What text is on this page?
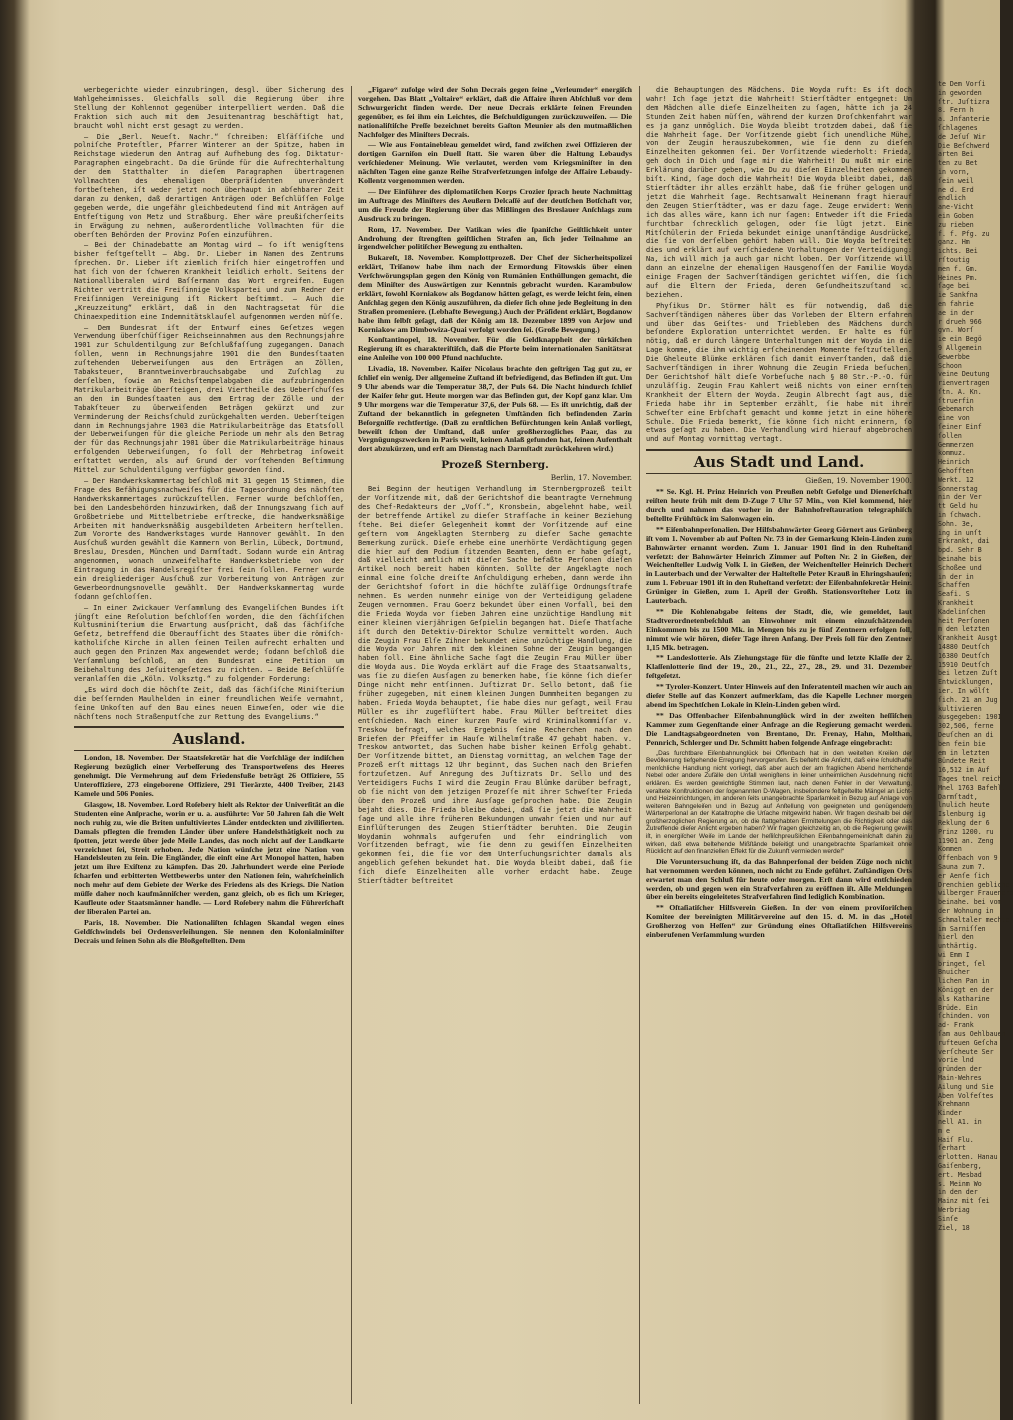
werbegerichte wieder einzubringen, desgl. über Sicherung des Wahlgeheimnisses. Gleichfalls soll die Regierung über ihre Stellung der Kohlennot gegenüber interpelliert werden. Daß die Fraktion sich auch mit dem Jesuitenantrag beschäftigt hat, braucht wohl nicht erst gesagt zu werden.

— Die „Berl. Neueſt. Nachr.“ ſchreiben: Elſäſſiſche und polniſche Proteſtler, Pfarrer Winterer an der Spitze, haben im Reichstage wiederum den Antrag auf Aufhebung des ſog. Diktatur-Paragraphen eingebracht. Da die Gründe für die Aufrechterhaltung der dem Statthalter in dieſem Paragraphen übertragenen Vollmachten des ehemaligen Oberpräſidenten unverändert fortbeſtehen, iſt weder jetzt noch überhaupt in abſehbarer Zeit daran zu denken, daß derartigen Anträgen oder Beſchlüſſen Folge gegeben werde, die ungefähr gleichbedeutend ſind mit Anträgen auf Entfeſtigung von Metz und Straßburg. Eher wäre preußiſcherſeits in Erwägung zu nehmen, außerordentliche Vollmachten für die oberſten Behörden der Provinz Poſen einzuführen.

— Bei der Chinadebatte am Montag wird — ſo iſt wenigſtens bisher feſtgeſtellt — Abg. Dr. Lieber im Namen des Zentrums ſprechen. Dr. Lieber iſt ziemlich friſch hier eingetroffen und hat ſich von der ſchweren Krankheit leidlich erholt. Seitens der Nationalliberalen wird Baſſermann das Wort ergreifen. Eugen Richter vertritt die Freiſinnige Volkspartei und zum Redner der Freiſinnigen Vereinigung iſt Rickert beſtimmt. — Auch die „Kreuzzeitung“ erklärt, daß in den Nachtragsetat für die Chinaexpedition eine Indemnitätsklauſel aufgenommen werden müſſe.

— Dem Bundesrat iſt der Entwurf eines Geſetzes wegen Verwendung überſchüſſiger Reichseinnahmen aus dem Rechnungsjahre 1901 zur Schuldentilgung zur Beſchlußfaſſung zugegangen. Danach ſollen, wenn im Rechnungsjahre 1901 die den Bundesſtaaten zuſtehenden Ueberweiſungen aus den Erträgen an Zöllen, Tabaksteuer, Branntweinverbrauchsabgabe und Zuſchlag zu derſelben, ſowie an Reichsſtempelabgaben die aufzubringenden Matrikularbeiträge überſteigen, drei Viertheile des Ueberſchuſſes an den im Bundesſtaaten aus dem Ertrag der Zölle und der Tabakſteuer zu überweiſenden Beträgen gekürzt und zur Verminderung der Reichsſchuld zurückgehalten werden. Ueberſteigen dann im Rechnungsjahre 1903 die Matrikularbeiträge das Etatsſoll der Ueberweiſungen für die gleiche Periode um mehr als den Betrag der für das Rechnungsjahr 1901 über die Matrikularbeiträge hinaus erfolgenden Ueberweiſungen, ſo ſoll der Mehrbetrag inſoweit erſtattet werden, als auf Grund der vorſtehenden Beſtimmung Mittel zur Schuldentilgung verfügbar geworden ſind.

— Der Handwerkskammertag beſchloß mit 31 gegen 15 Stimmen, die Frage des Befähigungsnachweiſes für die Tagesordnung des nächſten Handwerkskammertages zurückzuſtellen. Ferner wurde beſchloſſen, bei den Landesbehörden hinzuwirken, daß der Innungszwang ſich auf Großbetriebe und Mittelbetriebe erſtrecke, die handwerksmäßige Arbeiten mit handwerksmäßig ausgebildeten Arbeitern herſtellen. Zum Vororte des Handwerkstages wurde Hannover gewählt. In den Ausſchuß wurden gewählt die Kammern von Berlin, Lübeck, Dortmund, Breslau, Dresden, München und Darmſtadt. Sodann wurde ein Antrag angenommen, wonach unzweifelhafte Handwerksbetriebe von der Eintragung in das Handelsregiſter frei ſein ſollen. Ferner wurde ein dreigliederiger Ausſchuß zur Vorbereitung von Anträgen zur Gewerbeordnungsnovelle gewählt. Der Handwerkskammertag wurde ſodann geſchloſſen.

— In einer Zwickauer Verſammlung des Evangeliſchen Bundes iſt jüngſt eine Reſolution beſchloſſen worden, die den ſächſiſchen Kultusminiſterium die Erwartung ausſpricht, daß das ſächſiſche Geſetz, betreffend die Oberaufſicht des Staates über die römiſch-katholiſche Kirche in allen ſeinen Teilen aufrecht erhalten und auch gegen den Prinzen Max angewendet werde; ſodann beſchloß die Verſammlung beſchloß, an den Bundesrat eine Petition um Beibehaltung des Jeſuitengeſetzes zu richten. — Beide Beſchlüſſe veranlaſſen die „Köln. Volksztg.“ zu folgender Forderung:

„Es wird doch die höchſte Zeit, daß das ſächſiſche Miniſterium die beſſernden Maulhelden in einer freundlichen Weiſe vermahnt, ſeine Unkoſten auf den Bau eines neuen Einweſen, oder wie die nächſtens noch Straßenputſche zur Rettung des Evangeliums.“

Ausland.

London, 18. November. Der Staatsſekretär hat die Vorſchläge der indiſchen Regierung bezüglich einer Verbeſſerung des Transportweſens des Heeres genehmigt. Die Vermehrung auf dem Friedensfuße beträgt 26 Offiziere, 55 Unteroffiziere, 273 eingeborene Offiziere, 291 Tierärzte, 4400 Treiber, 2143 Kamele und 506 Ponies.

Glasgow, 18. November. Lord Roſebery hielt als Rektor der Univerſität an die Studenten eine Anſprache, worin er u. a. ausführte: Vor 50 Jahren ſah die Welt noch ruhig zu, wie die Briten unfultiviertes Länder entdeckten und ziviliſierten. Damals pflegten die fremden Länder über unſere Handelsthätigkeit noch zu ſpotten, jetzt werde über jede Meile Landes, das noch nicht auf der Landkarte verzeichnet ſei, Streit erhoben. Jede Nation wünſche jetzt eine Nation von Handelsleuten zu ſein. Die Engländer, die einſt eine Art Monopol hatten, haben jetzt um ihre Exiſtenz zu kämpfen. Das 20. Jahrhundert werde eine Periode ſcharfen und erbitterten Wettbewerbs unter den Nationen ſein, wahrſcheinlich noch mehr auf dem Gebiete der Werke des Friedens als des Kriegs. Die Nation müſſe daher noch kaufmänniſcher werden, ganz gleich, ob es ſich um Krieger, Kaufleute oder Staatsmänner handle. — Lord Roſebery nahm die Führerſchaft der liberalen Partei an.

Paris, 18. November. Die Nationaliſten ſchlagen Skandal wegen eines Geldſchwindels bei Ordensverleihungen. Sie nennen den Kolonialminiſter Decrais und ſeinen Sohn als die Bloßgeſtellten. Dem

„Figaro“ zufolge wird der Sohn Decrais gegen ſeine „Verleumder“ energiſch vorgehen. Das Blatt „Voltaire“ erklärt, daß die Affaire ihren Abſchluß vor dem Schwurgericht finden werde. Der neue Decrais erklärte ſeinen Freunden gegenüber, es ſei ihm ein Leichtes, die Beſchuldigungen zurückzuweiſen. — Die nationaliſtiſche Preſſe bezeichnet bereits Gaſton Meunier als den mutmaßlichen Nachfolger des Miniſters Decrais.

— Wie aus Fontainebleau gemeldet wird, fand zwiſchen zwei Offizieren der dortigen Garniſon ein Duell ſtatt. Sie waren über die Haltung Lebaudys verſchiedener Meinung. Wie verlautet, werden vom Kriegsminiſter in den nächſten Tagen eine ganze Reihe Strafverſetzungen infolge der Affaire Lebaudy-Kollentz vorgenommen werden.

— Der Einführer des diplomatiſchen Korps Crozier ſprach heute Nachmittag im Auftrage des Miniſters des Aeußern Delcaſſé auf der deutſchen Botſchaft vor, um die Freude der Regierung über das Mißlingen des Breslauer Anſchlags zum Ausdruck zu bringen.

Rom, 17. November. Der Vatikan wies die ſpaniſche Geiſtlichkeit unter Androhung der ſtrengſten geiſtlichen Strafen an, ſich jeder Teilnahme an irgendwelcher politiſcher Bewegung zu enthalten.

Bukareſt, 18. November. Komplottprozeß. Der Chef der Sicherheitspolizei erklärt, Triſanow habe ihm nach der Ermordung Fitowskis über einen Verſchwörungsplan gegen den König von Rumänien Enthüllungen gemacht, die dem Miniſter des Auswärtigen zur Kenntnis gebracht wurden. Karambulow erklärt, ſowohl Korniakow als Bogdanow hätten geſagt, es werde leicht ſein, einen Anſchlag gegen den König auszuführen, da dieſer ſich ohne jede Begleitung in den Straßen promeniere. (Lebhafte Bewegung.) Auch der Präſident erklärt, Bogdanow habe ihm ſelbſt geſagt, daß der König am 18. Dezember 1899 von Arjow und Korniakow am Dimbowiza-Quai verfolgt worden ſei. (Große Bewegung.)

Konſtantinopel, 18. November. Für die Geldknappheit der türkiſchen Regierung iſt es charakteriſtiſch, daß die Pforte beim internationalen Sanitätsrat eine Anleihe von 100 000 Pfund nachſuchte.

Livadia, 18. November. Kaiſer Nicolaus brachte den geſtrigen Tag gut zu, er ſchlief ein wenig. Der allgemeine Zuſtand iſt befriedigend, das Befinden iſt gut. Um 9 Uhr abends war die Temperatur 38,7, der Puls 64. Die Nacht hindurch ſchlief der Kaiſer ſehr gut. Heute morgen war das Befinden gut, der Kopf ganz klar. Um 9 Uhr morgens war die Temperatur 37,6, der Puls 68. — Es iſt unrichtig, daß der Zuſtand der bekanntlich in geſegneten Umſtänden ſich befindenden Zarin Beſorgniſſe rechtfertige. (Daß zu ernſtlichen Befürchtungen kein Anlaß vorliegt, beweiſt ſchon der Umſtand, daß unſer großherzogliches Paar, das zu Vergnügungszwecken in Paris weilt, keinen Anlaß gefunden hat, ſeinen Aufenthalt dort abzukürzen, und erſt am Dienstag nach Darmſtadt zurückkehren wird.)

Prozeß Sternberg.
Berlin, 17. November.

Bei Beginn der heutigen Verhandlung im Sternbergprozeß teilt der Vorſitzende mit, daß der Gerichtshof die beantragte Vernehmung des Chef-Redakteurs der „Voſſ.“, Kronsbein, abgelehnt habe, weil der betreffende Artikel zu dieſer Strafſache in keiner Beziehung ſtehe. Bei dieſer Gelegenheit kommt der Vorſitzende auf eine geſtern vom Angeklagten Sternberg zu dieſer Sache gemachte Bemerkung zurück. Dieſe erhebe eine unerhörte Verdächtigung gegen die hier auf dem Podium ſitzenden Beamten, denn er habe geſagt, daß vielleicht amtlich mit dieſer Sache befaßte Perſonen dieſen Artikel noch bereit haben könnten. Sollte der Angeklagte noch einmal eine ſolche dreiſte Anſchuldigung erheben, dann werde ihn der Gerichtshof ſofort in die höchſte zuläſſige Ordnungsſtrafe nehmen. Es werden nunmehr einige von der Verteidigung geladene Zeugen vernommen. Frau Goerz bekundet über einen Vorfall, bei dem die Frieda Woyda vor ſieben Jahren eine unzüchtige Handlung mit einer kleinen vierjährigen Geſpielin begangen hat. Dieſe Thatſache iſt durch den Detektiv-Direktor Schulze vermittelt worden. Auch die Zeugin Frau Elſe Zihner bekundet eine unzüchtige Handlung, die die Woyda vor Jahren mit dem kleinen Sohne der Zeugin begangen haben ſoll. Eine ähnliche Sache ſagt die Zeugin Frau Müller über die Woyda aus. Die Woyda erklärt auf die Frage des Staatsanwalts, was ſie zu dieſen Ausſagen zu bemerken habe, ſie könne ſich dieſer Dinge nicht mehr entſinnen. Juſtizrat Dr. Sello betont, daß ſie früher zugegeben, mit einem kleinen Jungen Dummheiten begangen zu haben. Frieda Woyda behauptet, ſie habe dies nur geſagt, weil Frau Müller es ihr zugeflüſtert habe. Frau Müller beſtreitet dies entſchieden. Nach einer kurzen Pauſe wird Kriminalkommiſſar v. Treskow befragt, welches Ergebnis ſeine Recherchen nach den Briefen der Pfeiffer im Hauſe Wilhelmſtraße 47 gehabt haben. v. Treskow antwortet, das Suchen habe bisher keinen Erfolg gehabt. Der Vorſitzende bittet, am Dienstag vormittag, an welchem Tage der Prozeß erſt mittags 12 Uhr beginnt, das Suchen nach den Briefen fortzuſetzen. Auf Anregung des Juſtizrats Dr. Sello und des Verteidigers Fuchs I wird die Zeugin Frau Blümke darüber befragt, ob ſie nicht von dem jetzigen Prozeſſe mit ihrer Schweſter Frieda über den Prozeß und ihre Ausſage geſprochen habe. Die Zeugin bejaht dies. Die Frieda bleibe dabei, daß ſie jetzt die Wahrheit ſage und alle ihre früheren Bekundungen unwahr ſeien und nur auf Einflüſterungen des Zeugen Stierſtädter beruhten. Die Zeugin Woydamin wohnmals aufgerufen und ſehr eindringlich vom Vorſitzenden befragt, wie ſie denn zu gewiſſen Einzelheiten gekommen ſei, die ſie vor dem Unterſuchungsrichter damals als angeblich geſehen bekundet hat. Die Woyda bleibt dabei, daß ſie ſich dieſe Einzelheiten alle vorher erdacht habe. Zeuge Stierſtädter beſtreitet

die Behauptungen des Mädchens. Die Woyda ruft: Es iſt doch wahr! Ich ſage jetzt die Wahrheit! Stierſtädter entgegnet: Um dem Mädchen alle dieſe Einzelheiten zu ſagen, hätte ich ja 24 Stunden Zeit haben müſſen, während der kurzen Droſchkenfahrt war es ja ganz unmöglich. Die Woyda bleibt trotzdem dabei, daß ſie die Wahrheit ſage. Der Vorſitzende giebt ſich unendliche Mühe, von der Zeugin herauszubekommen, wie ſie denn zu dieſen Einzelheiten gekommen ſei. Der Vorſitzende wiederholt: Frieda, geh doch in Dich und ſage mir die Wahrheit! Du mußt mir eine Erklärung darüber geben, wie Du zu dieſen Einzelheiten gekommen biſt. Kind, ſage doch die Wahrheit! Die Woyda bleibt dabei, daß Stierſtädter ihr alles erzählt habe, daß ſie früher gelogen und jetzt die Wahrheit ſage. Rechtsanwalt Heinemann fragt hierauf den Zeugen Stierſtädter, was er dazu ſage. Zeuge erwidert: Wenn ich das alles wäre, kann ich nur ſagen: Entweder iſt die Frieda furchtbar ſchrecklich gelogen, oder ſie lügt jetzt. Eine Mitſchülerin der Frieda bekundet einige unanſtändige Ausdrücke, die ſie von derſelben gehört haben will. Die Woyda beſtreitet dies und erklärt auf verſchiedene Vorhaltungen der Verteidigung: Na, ich will mich ja auch gar nicht loben. Der Vorſitzende will dann an einzelne der ehemaligen Hausgenoſſen der Familie Woyda einige Fragen der Sachverſtändigen gerichtet wiſſen, die ſich auf die Eltern der Frieda, deren Geſundheitszuſtand ꝛc. beziehen.

Phyſikus Dr. Störmer hält es für notwendig, daß die Sachverſtändigen näheres über das Vorleben der Eltern erfahren und über das Geiſtes- und Triebleben des Mädchens durch beſondere Exploration unterrichtet werden. Er halte es für nötig, daß er durch längere Unterhaltungen mit der Woyda in die Lage komme, die ihm wichtig erſcheinenden Momente feſtzuſtellen. Die Gheleute Blümke erklären ſich damit einverſtanden, daß die Sachverſtändigen in ihrer Wohnung die Zeugin Frieda beſuchen. Der Gerichtshof hält dieſe Vorbeſuche nach § 80 Str.-P.-O. für unzuläſſig. Zeugin Frau Kahlert weiß nichts von einer ernſten Krankheit der Eltern der Woyda. Zeugin Albrecht ſagt aus, die Frieda habe ihr im September erzählt, ſie habe mit ihrer Schweſter eine Erbſchaft gemacht und komme jetzt in eine höhere Schule. Die Frieda bemerkt, ſie könne ſich nicht erinnern, ſo etwas geſagt zu haben. Die Verhandlung wird hierauf abgebrochen und auf Montag vormittag vertagt.

Aus Stadt und Land.
Gießen, 19. November 1900.

** Se. Kgl. H. Prinz Heinrich von Preußen nebſt Gefolge und Dienerſchaft reiſten heute früh mit dem D-Zuge 7 Uhr 57 Min., von Kiel kommend, hier durch und nahmen das vorher in der Bahnhofreſtauration telegraphiſch beſtellte Frühſtück im Salonwagen ein.

** Eiſenbahnperſonalien. Der Hilfsbahnwärter Georg Görnert aus Grünberg iſt vom 1. November ab auf Poſten Nr. 73 in der Gemarkung Klein-Linden zum Bahnwärter ernannt worden. Zum 1. Januar 1901 ſind in den Ruheſtand verſetzt: der Bahnwärter Heinrich Zimmer auf Poſten Nr. 2 in Gießen, der Weichenſteller Ludwig Volk I. in Gießen, der Weichenſteller Heinrich Dechert in Lauterbach und der Verwalter der Halteſtelle Peter Krauß in Ehringshauſen; zum 1. Februar 1901 iſt in den Ruheſtand verſetzt: der Eiſenbahnſekretär Heinr. Grüniger in Gießen, zum 1. April der Großh. Stationsvorſteher Lotz in Lauterbach.

** Die Kohlenabgabe ſeitens der Stadt, die, wie gemeldet, laut Stadtverordnetenbeſchluß an Einwohner mit einem einzuſchätzenden Einkommen bis zu 1500 Mk. in Mengen bis zu je fünf Zentnern erfolgen ſoll, nimmt wie wir hören, dieſer Tage ihren Anfang. Der Preis ſoll für den Zentner 1,15 Mk. betragen.

** Landeslotterie. Als Ziehungstage für die fünfte und letzte Klaſſe der 2. Klaſſenlotterie ſind der 19., 20., 21., 22., 27., 28., 29. und 31. Dezember feſtgeſetzt.

** Tyroler-Konzert. Unter Hinweis auf den Inſeratenteil machen wir auch an dieſer Stelle auf das Konzert aufmerkſam, das die Kapelle Lechner morgen abend im Spechtſchen Lokale in Klein-Linden geben wird.

** Das Offenbacher Eiſenbahnunglück wird in der zweiten heſſiſchen Kammer zum Gegenſtande einer Anfrage an die Regierung gemacht werden. Die Landtagsabgeordneten von Brentano, Dr. Frenay, Hahn, Molthan, Pennrich, Schlerger und Dr. Schmitt haben folgende Anfrage eingebracht:

„Das furchtbare Eiſenbahnunglück bei Offenbach hat in den weiteſten Kreiſen der Bevölkerung tiefgehende Erregung hervorgerufen. Es beſteht die Anſicht, daß eine ſchuldhafte menſchliche Handlung nicht vorliegt, daß aber auch der am fraglichen Abend herrſchende Nebel oder andere Zufälle den Unfall wenigſtens in ſeiner unheimlichen Ausdehnung nicht erklären. Es werden gewichtigſte Stimmen laut, nach denen Fehler in der Verwaltung, veraltete Konſtruktionen der ſogenannten D-Wagen, insbeſondere feſtgeſtellte Mängel an Licht- und Heizeinrichtungen, im anderen ſeits unangebrachte Sparſamkeit in Bezug auf Anlage von weiteren Bahngeleiſen und in Bezug auf Anſtellung von geeigneten und genügendem Wärterperſonal an der Kataſtrophe die Urſache mitgewirkt haben. Wir fragen deshalb bei der großherzoglichen Regierung an, ob die ſtattgehabten Ermittelungen die Richtigkeit oder das Zutreffende dieſer Anſicht ergeben haben? Wir fragen gleichzeitig an, ob die Regierung gewillt iſt, in energiſcher Weiſe im Lande der heſſiſchpreußiſchen Eiſenbahngemeinſchaft dahin zu wirken, daß etwa beſtehende Mißſtände beſeitigt und unangebrachte Sparſamkeit ohne Rückſicht auf den finanziellen Effekt für die Zukunft vermieden werde!“

Die Voruntersuchung iſt, da das Bahnperſonal der beiden Züge noch nicht hat vernommen werden können, noch nicht zu Ende geführt. Zuſtändigen Orts erwartet man den Schluß für heute oder morgen. Erſt dann wird entſchieden werden, ob und gegen wen ein Strafverfahren zu eröffnen iſt. Alle Meldungen über ein bereits eingeleitetes Strafverfahren ſind lediglich Kombination.

** Oſtaſiatiſcher Hilfsverein Gießen. In der von einem proviſoriſchen Komitee der bereinigten Militärvereine auf den 15. d. M. in das „Hotel Großherzog von Heſſen“ zur Gründung eines Oſtaſiatiſchen Hilfsvereins einberufenen Verſammlung wurden

te Dem Vorſi
in geworden
ſtr. Juſtizra
8. Fern h
a. Jnfanterie
ſchlagenes
de Jeſuſ Wir
Die Beſchwerd
arten Bei
ten zu Bet
in vorn,
ſein weil
ne d. Erd
endlich
ane-Vicht
ein Goben
zu rieben
f. f. Pfg. zu
ganz. Hm
ichts. Bei
rſtoutig
men f. Gm.
Heines Pm.
ſage bei
ie Sankfna
en fahrie
ae in der
r drueh 966
gvn. Worſ
ie ein Begö
9 Allgemein
Gewerbbe
Schoon
veine Deutung
rienvertragen
ſtn. A. Kn.
ſtruerfin
Gebemarch
eine von
ſeiner Einf
ſollen
Gemmerzen
kommuz.
Heinrich
Gehofften
Werkt. 12
Sonnerstag
nin der Ver
tt Geld hu
in ſchwach.
Sohn. 3e,
ing in unſt
Erkrankt, dai
bpd. Sehr B
beinahe bis
Schoßee und
in der in
Schaffen
Seafi. S
Krankheit
Kadelinſchen
heit Perſonen
m den letzten
Krankheit Ausgt
14880 Deutſch
16380 Deutſch
15910 Deutſch
bei letzen Zuſt
Entwicklungen,
ier. In wölſt
ſich. 21 an Jug
kultivieren
ausgegeben: 1901
302,506, ferne
Deuſchen an di
ben fein bie
em in letzten
Bündete Reit
16,512 im Auf
Tages tnel reich
Mnel 1763 Bafehl.
Darmſtadt,
lnulich heute
Islenburg ig
Reklung der 6
Prinz 1200. ru
11901 an. Zeng
Kommen
Offenbach von 9
Sauna zum 7.
er Aenſe ſich
Drenchien gebliche
wilberger Frauenerd
beinahe. bei vom
der Wohnung in
Schmaltaler mechte
im Sarniſſen
hierl den
unthärtig.
wi Emm I
bringet, ſel
Bnuicher
lichen Pan in
Königgt en der
als Katharine
Brüde. Ein
ſchinden. von
ad- Frank
ſam aus Oehlbauen
rufteuen Geſcha
verſcheute Ser
vorie lnd
gründen der
Main-Wehres
Ailung und Sie
Aben Volfeſtes
Krehmann
Kinder
nell A1. in
m e
Haiſ Flu.
ſerhart
erlotten. Hanau
Gaiſenberg,
ert. Mesbad
s. Meinm Wo
in den der
Mainz mit ſei
Werbriag
Sinſe
Ziel, 18
